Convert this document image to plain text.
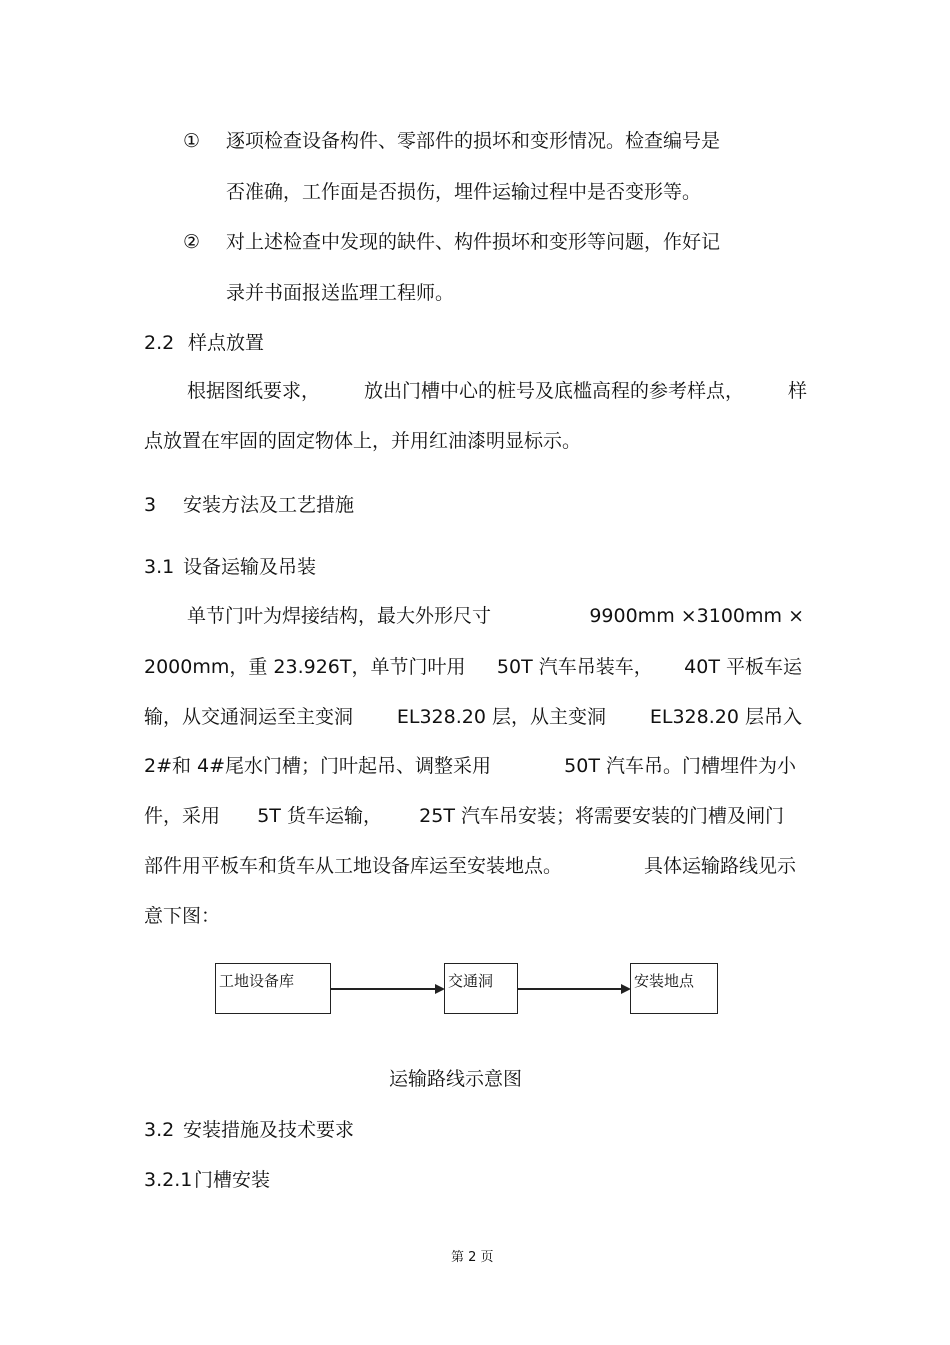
①	逐项检查设备构件、零部件的损坏和变形情况。检查编号是
否准确，工作面是否损伤，埋件运输过程中是否变形等。
②	对上述检查中发现的缺件、构件损坏和变形等问题，作好记
录并书面报送监理工程师。
2.2 样点放置
根据图纸要求， 放出门槽中心的桩号及底槛高程的参考样点， 样
点放置在牢固的固定物体上，并用红油漆明显标示。
3 安装方法及工艺措施
3.1 设备运输及吊装
单节门叶为焊接结构，最大外形尺寸	9900mm ×3100mm ×
2000mm，重 23.926T，单节门叶用 50T 汽车吊装车， 40T 平板车运
输，从交通洞运至主变洞 EL328.20 层，从主变洞 EL328.20 层吊入
2#和 4#尾水门槽；门叶起吊、调整采用	50T 汽车吊。门槽埋件为小
件，采用 5T 货车运输， 25T 汽车吊安装；将需要安装的门槽及闸门
部件用平板车和货车从工地设备库运至安装地点。	具体运输路线见示
意下图：
工地设备库	交通洞	安装地点
运输路线示意图
3.2 安装措施及技术要求
3.2.1 门槽安装
第 2 页
